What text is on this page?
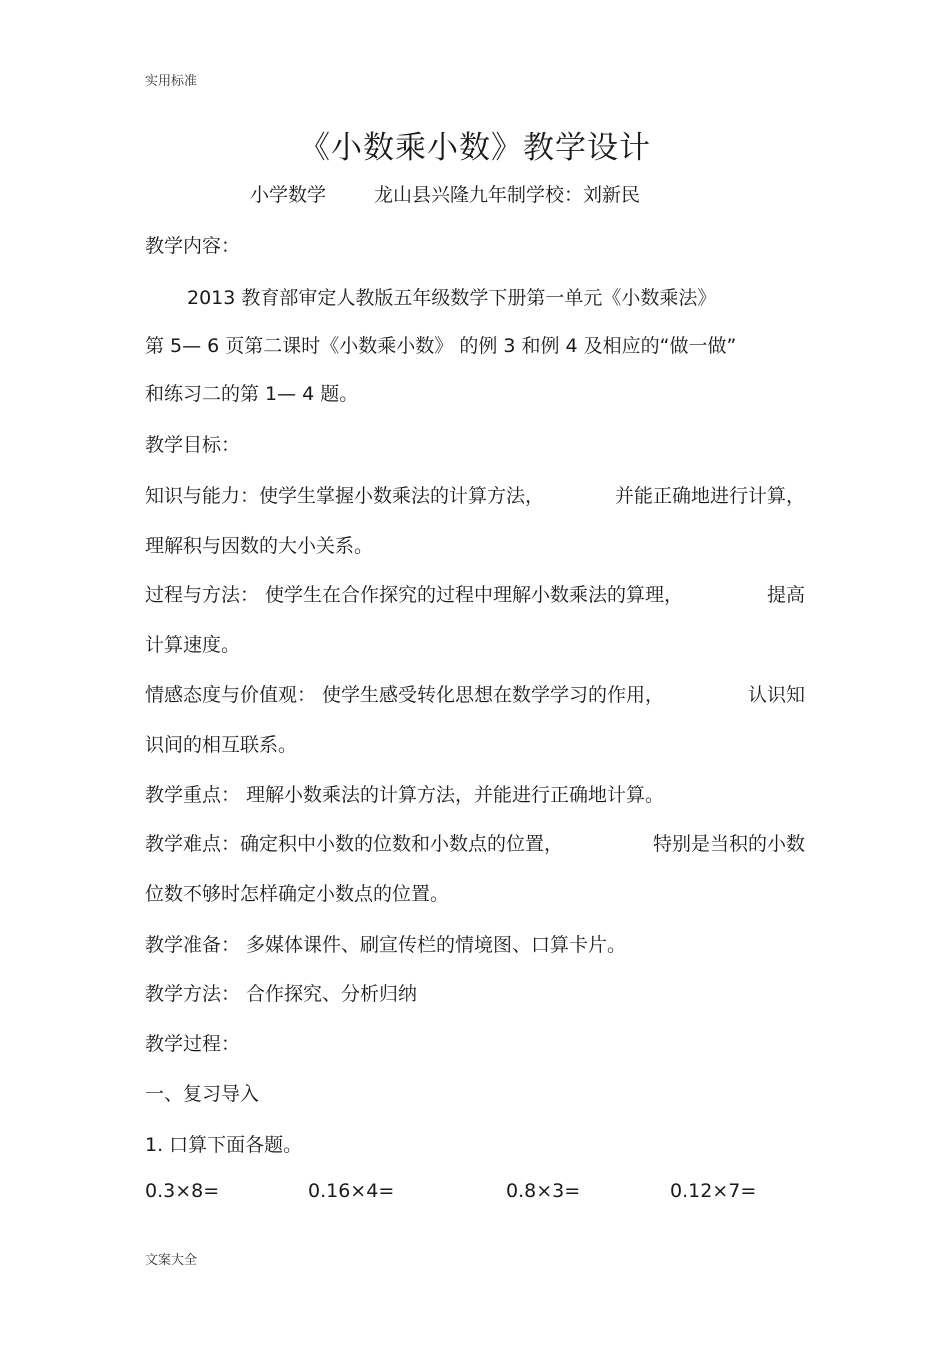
实用标准
《小数乘小数》教学设计
小学数学	龙山县兴隆九年制学校：刘新民
教学内容：
2013 教育部审定人教版五年级数学下册第一单元《小数乘法》
第 5— 6 页第二课时《小数乘小数》 的例 3 和例 4 及相应的“做一做”
和练习二的第 1— 4 题。
教学目标：
知识与能力：使学生掌握小数乘法的计算方法，	并能正确地进行计算，
理解积与因数的大小关系。
过程与方法： 使学生在合作探究的过程中理解小数乘法的算理，	提高
计算速度。
情感态度与价值观： 使学生感受转化思想在数学学习的作用，	认识知
识间的相互联系。
教学重点： 理解小数乘法的计算方法，并能进行正确地计算。
教学难点：确定积中小数的位数和小数点的位置，	特别是当积的小数
位数不够时怎样确定小数点的位置。
教学准备： 多媒体课件、刷宣传栏的情境图、口算卡片。
教学方法： 合作探究、分析归纳
教学过程：
一、复习导入
1. 口算下面各题。
0.3×8=	0.16×4=	0.8×3=	0.12×7=
文案大全
